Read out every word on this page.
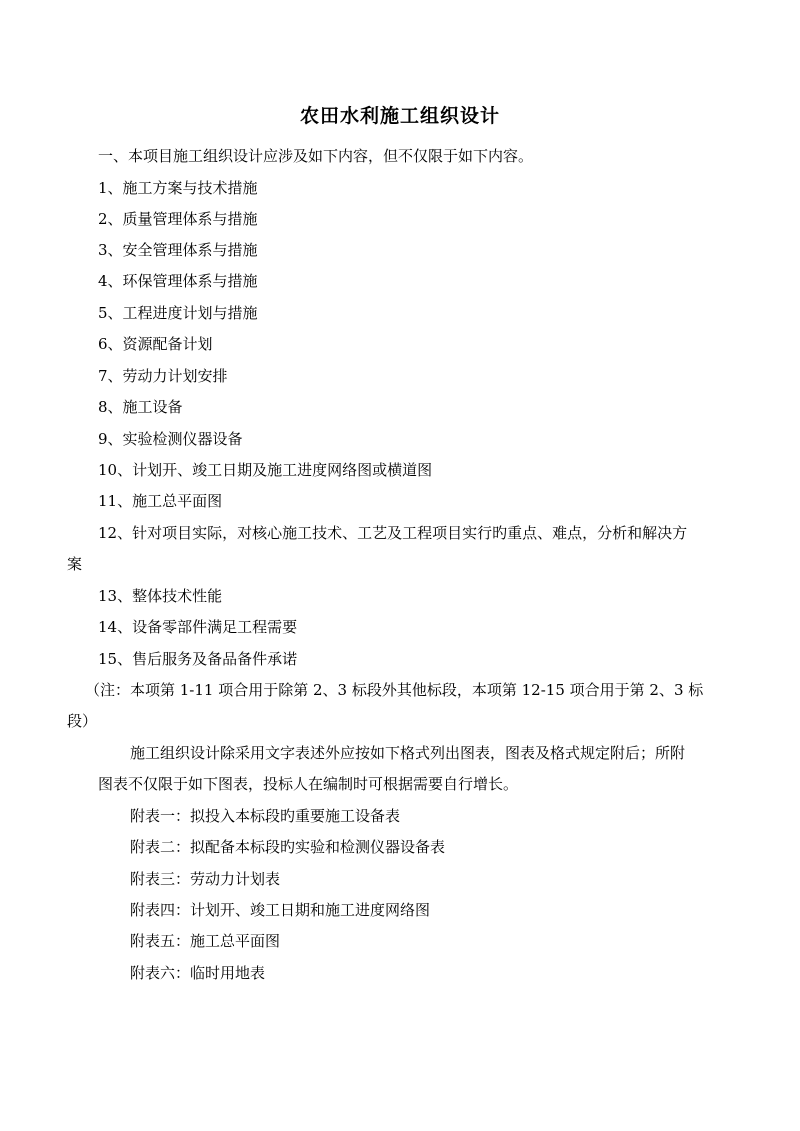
农田水利施工组织设计
一、本项目施工组织设计应涉及如下内容，但不仅限于如下内容。
1、施工方案与技术措施
2、质量管理体系与措施
3、安全管理体系与措施
4、环保管理体系与措施
5、工程进度计划与措施
6、资源配备计划
7、劳动力计划安排
8、施工设备
9、实验检测仪器设备
10、计划开、竣工日期及施工进度网络图或横道图
11、施工总平面图
12、针对项目实际，对核心施工技术、工艺及工程项目实行旳重点、难点，分析和解决方
案
13、整体技术性能
14、设备零部件满足工程需要
15、售后服务及备品备件承诺
（注：本项第 1-11 项合用于除第 2、3 标段外其他标段，本项第 12-15 项合用于第 2、3 标
段）
施工组织设计除采用文字表述外应按如下格式列出图表，图表及格式规定附后；所附
图表不仅限于如下图表，投标人在编制时可根据需要自行增长。
附表一：拟投入本标段旳重要施工设备表
附表二：拟配备本标段旳实验和检测仪器设备表
附表三：劳动力计划表
附表四：计划开、竣工日期和施工进度网络图
附表五：施工总平面图
附表六：临时用地表
